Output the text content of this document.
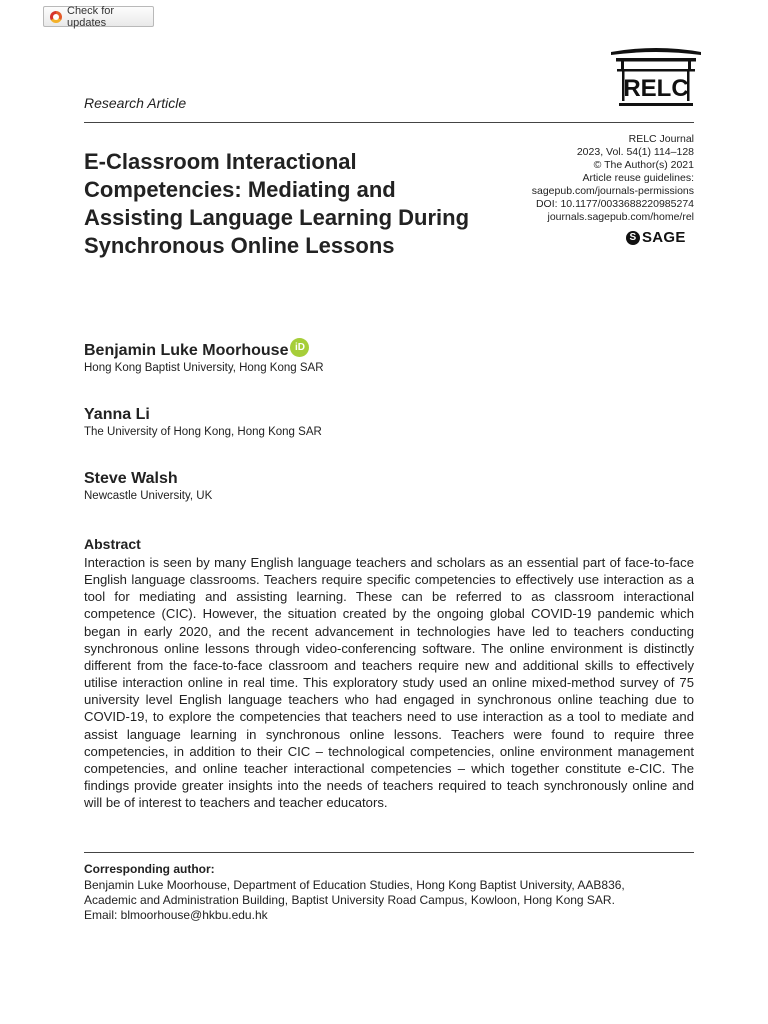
Check for updates
RELC
Research Article
RELC Journal
2023, Vol. 54(1) 114–128
© The Author(s) 2021
Article reuse guidelines:
sagepub.com/journals-permissions
DOI: 10.1177/0033688220985274
journals.sagepub.com/home/rel
S SAGE
E-Classroom Interactional Competencies: Mediating and Assisting Language Learning During Synchronous Online Lessons
Benjamin Luke Moorhouse iD
Hong Kong Baptist University, Hong Kong SAR
Yanna Li
The University of Hong Kong, Hong Kong SAR
Steve Walsh
Newcastle University, UK
Abstract
Interaction is seen by many English language teachers and scholars as an essential part of face-to-face English language classrooms. Teachers require specific competencies to effectively use interaction as a tool for mediating and assisting learning. These can be referred to as classroom interactional competence (CIC). However, the situation created by the ongoing global COVID-19 pandemic which began in early 2020, and the recent advancement in technologies have led to teachers conducting synchronous online lessons through video-conferencing software. The online environment is distinctly different from the face-to-face classroom and teachers require new and additional skills to effectively utilise interaction online in real time. This exploratory study used an online mixed-method survey of 75 university level English language teachers who had engaged in synchronous online teaching due to COVID-19, to explore the competencies that teachers need to use interaction as a tool to mediate and assist language learning in synchronous online lessons. Teachers were found to require three competencies, in addition to their CIC – technological competencies, online environment management competencies, and online teacher interactional competencies – which together constitute e-CIC. The findings provide greater insights into the needs of teachers required to teach synchronously online and will be of interest to teachers and teacher educators.
Corresponding author:
Benjamin Luke Moorhouse, Department of Education Studies, Hong Kong Baptist University, AAB836,
Academic and Administration Building, Baptist University Road Campus, Kowloon, Hong Kong SAR.
Email: blmoorhouse@hkbu.edu.hk
